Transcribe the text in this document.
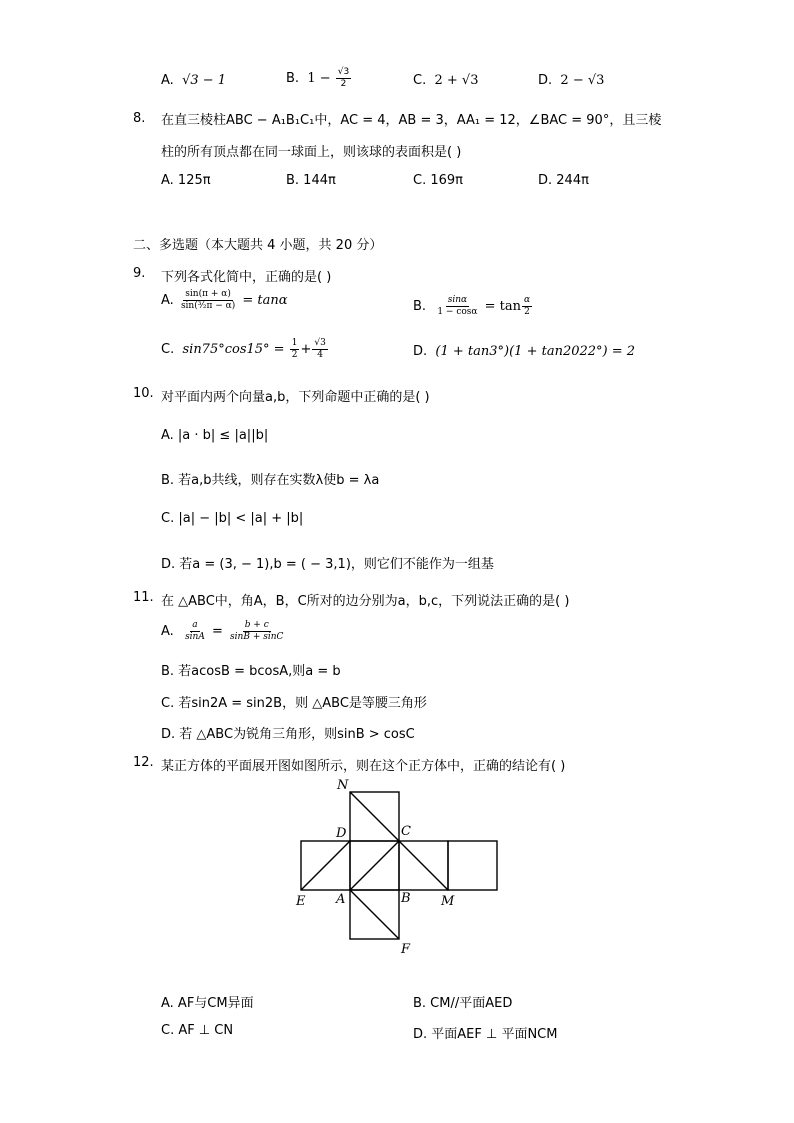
A. √3 − 1	B. $1 - \frac{√3}{2}$	C. 2 + √3	D. 2 − √3
8. 在直三棱柱ABC − A₁B₁C₁中，AC = 4，AB = 3，AA₁ = 12，∠BAC = 90°，且三棱
柱的所有顶点都在同一球面上，则该球的表面积是( )
A. 125π	B. 144π	C. 169π	D. 244π
二、多选题（本大题共 4 小题，共 20 分）
9. 下列各式化简中，正确的是( )
A. $\frac{\sin(\pi + \alpha)}{\text{sin(³⁄₂π − α)}} = \tan\alpha$	B. $\frac{\sin\alpha}{1 - \cos\alpha} = \tan \frac{\alpha}{2}$
C. $\sin 75^\circ\cos 15^\circ = \frac{1}{2} + \frac{√3}{4}$	D. (1 + tan3°)(1 + tan2022°) = 2
10. 对平面内两个向量a,b，下列命题中正确的是( )
A. |a · b| ≤ |a||b|
B. 若a,b共线，则存在实数λ使b = λa
C. |a| − |b| < |a| + |b|
D. 若a = (3, − 1),b = ( − 3,1)，则它们不能作为一组基
11. 在 △ABC中，角A，B，C所对的边分别为a，b,c，下列说法正确的是( )
A. $\frac{a}{\sin A} = \frac{b + c}{\sin B + \sin C}$
B. 若acosB = bcosA,则a = b
C. 若sin2A = sin2B，则 △ABC是等腰三角形
D. 若 △ABC为锐角三角形，则sinB > cosC
12. 某正方体的平面展开图如图所示，则在这个正方体中，正确的结论有( )
N
D	C
E A	B M
F
A. AF与CM异面	B. CM//平面AED
C. AF ⊥ CN	D. 平面AEF ⊥ 平面NCM
